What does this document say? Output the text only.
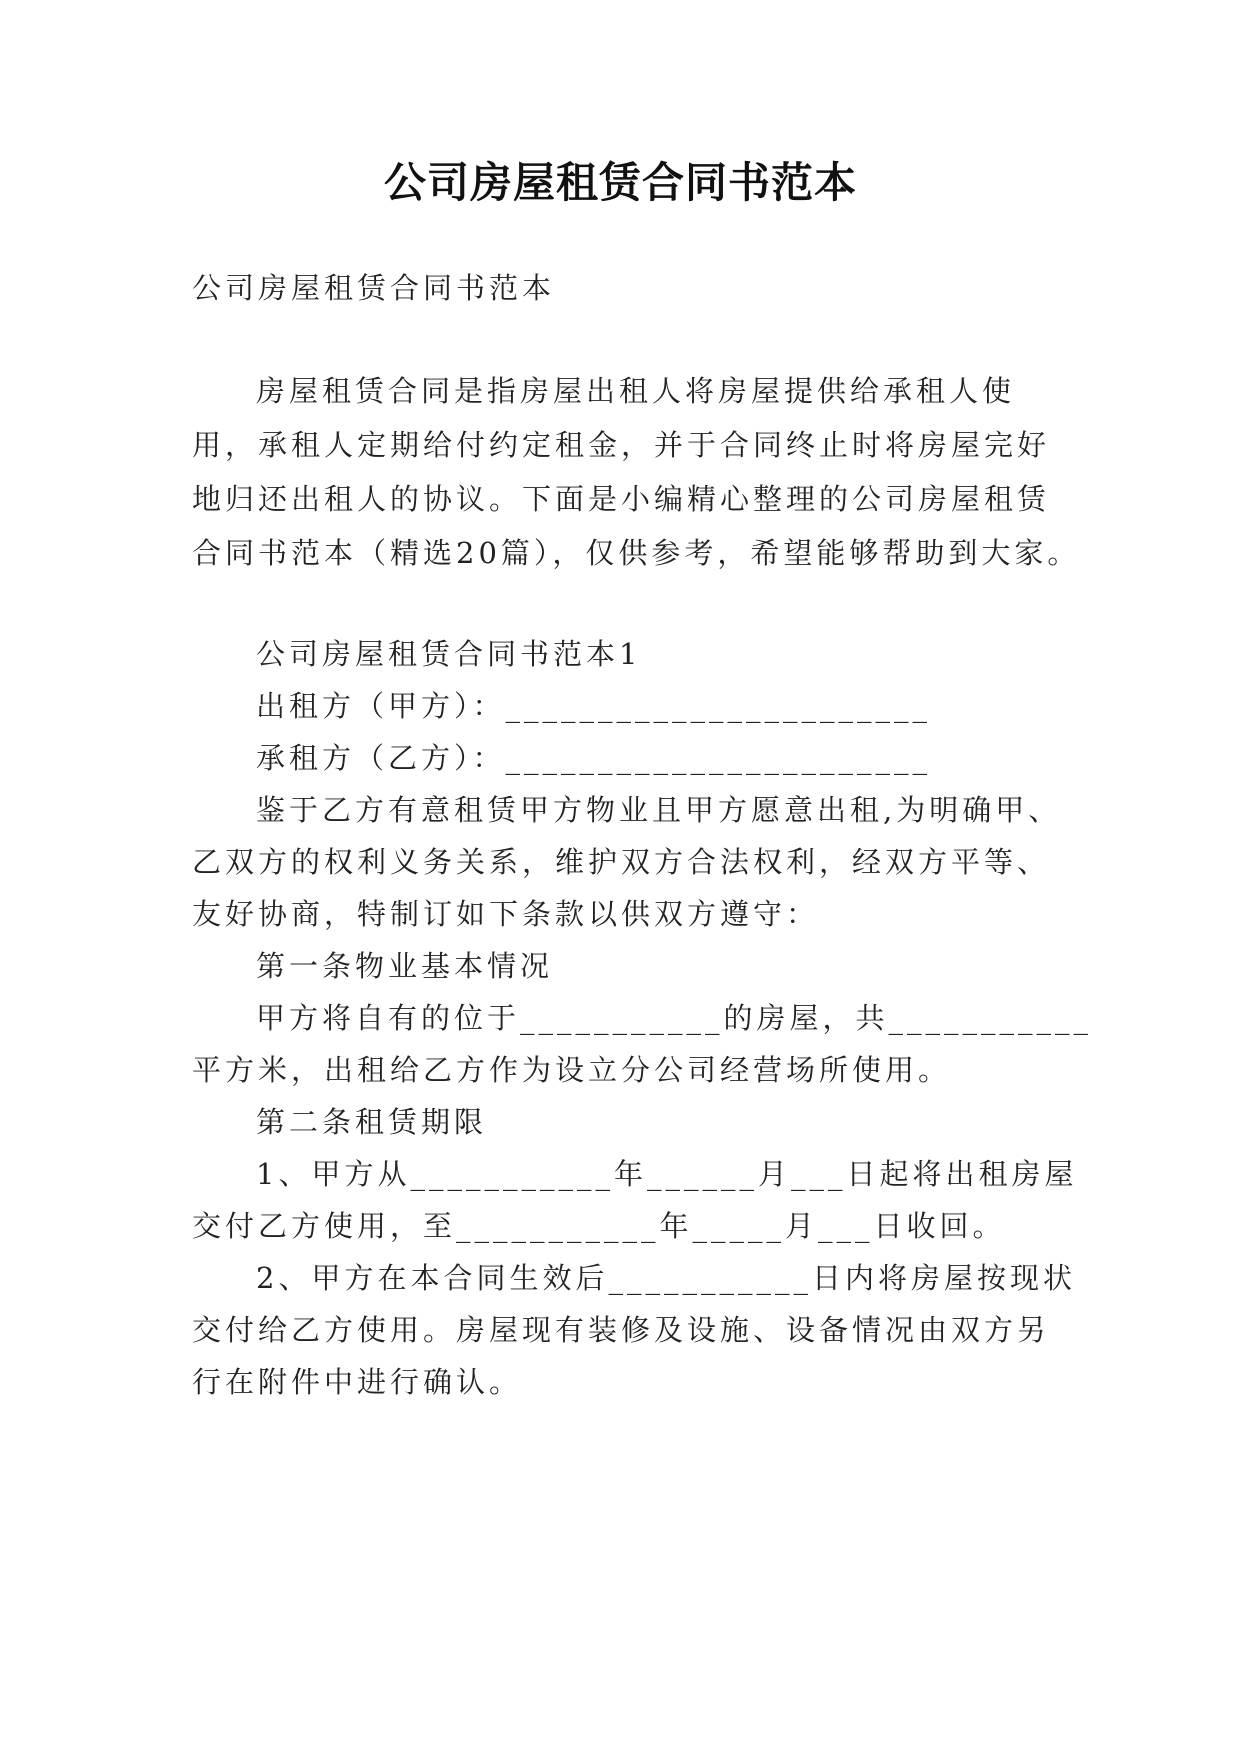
公司房屋租赁合同书范本
公司房屋租赁合同书范本
房屋租赁合同是指房屋出租人将房屋提供给承租人使
用，承租人定期给付约定租金，并于合同终止时将房屋完好
地归还出租人的协议。下面是小编精心整理的公司房屋租赁
合同书范本（精选20篇），仅供参考，希望能够帮助到大家。
公司房屋租赁合同书范本1
出租方（甲方）：_______________________
承租方（乙方）：_______________________
鉴于乙方有意租赁甲方物业且甲方愿意出租,为明确甲、
乙双方的权利义务关系，维护双方合法权利，经双方平等、
友好协商，特制订如下条款以供双方遵守：
第一条物业基本情况
甲方将自有的位于___________的房屋，共___________
平方米，出租给乙方作为设立分公司经营场所使用。
第二条租赁期限
1、甲方从___________年______月___日起将出租房屋
交付乙方使用，至___________年_____月___日收回。
2、甲方在本合同生效后___________日内将房屋按现状
交付给乙方使用。房屋现有装修及设施、设备情况由双方另
行在附件中进行确认。
